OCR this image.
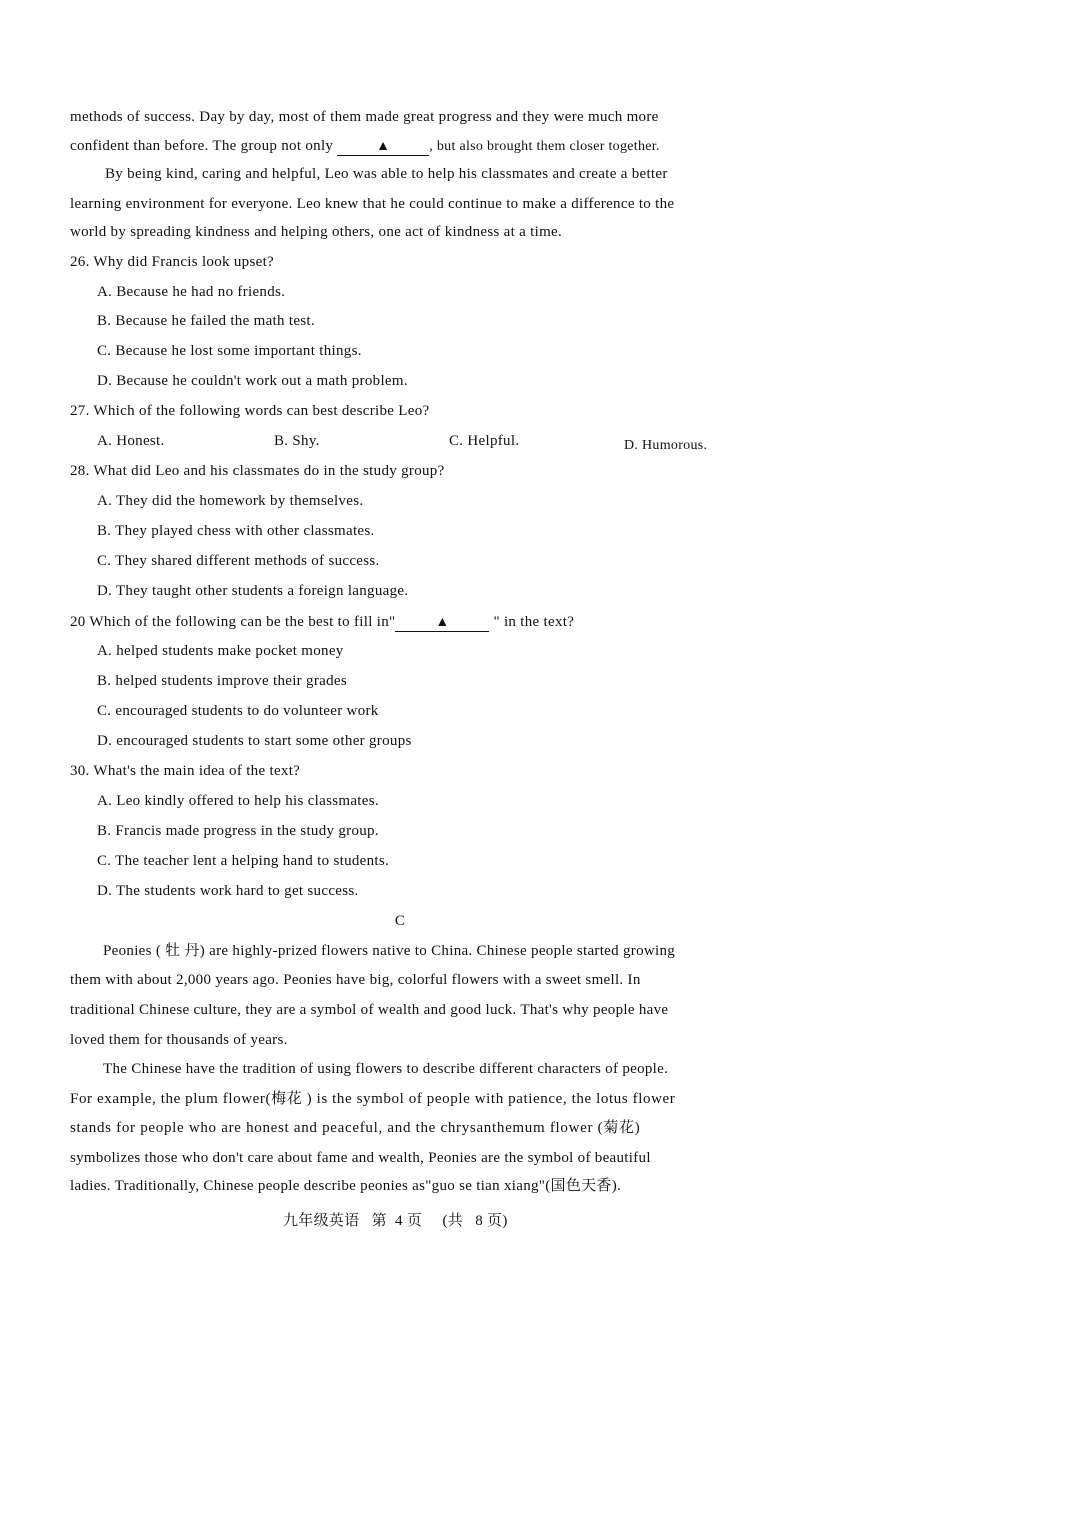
methods of success. Day by day, most of them made great progress and they were much more
confident than before. The group not only	▲	, but also brought them closer together.
By being kind, caring and helpful, Leo was able to help his classmates and create a better
learning environment for everyone. Leo knew that he could continue to make a difference to the
world by spreading kindness and helping others, one act of kindness at a time.
26. Why did Francis look upset?
A. Because he had no friends.
B. Because he failed the math test.
C. Because he lost some important things.
D. Because he couldn't work out a math problem.
27. Which of the following words can best describe Leo?
A. Honest.	B. Shy.	C. Helpful.	D. Humorous.
28. What did Leo and his classmates do in the study group?
A. They did the homework by themselves.
B. They played chess with other classmates.
C. They shared different methods of success.
D. They taught other students a foreign language.
20 Which of the following can be the best to fill in"	▲	" in the text?
A. helped students make pocket money
B. helped students improve their grades
C. encouraged students to do volunteer work
D. encouraged students to start some other groups
30. What's the main idea of the text?
A. Leo kindly offered to help his classmates.
B. Francis made progress in the study group.
C. The teacher lent a helping hand to students.
D. The students work hard to get success.
C
Peonies ( 牡 丹) are highly-prized flowers native to China. Chinese people started growing
them with about 2,000 years ago. Peonies have big, colorful flowers with a sweet smell. In
traditional Chinese culture, they are a symbol of wealth and good luck. That's why people have
loved them for thousands of years.
The Chinese have the tradition of using flowers to describe different characters of people.
For example, the plum flower(梅花 ) is the symbol of people with patience, the lotus flower
stands for people who are honest and peaceful, and the chrysanthemum flower (菊花)
symbolizes those who don't care about fame and wealth, Peonies are the symbol of beautiful
ladies. Traditionally, Chinese people describe peonies as"guo se tian xiang"(国色天香).
九年级英语   第  4 页     (共   8 页)
